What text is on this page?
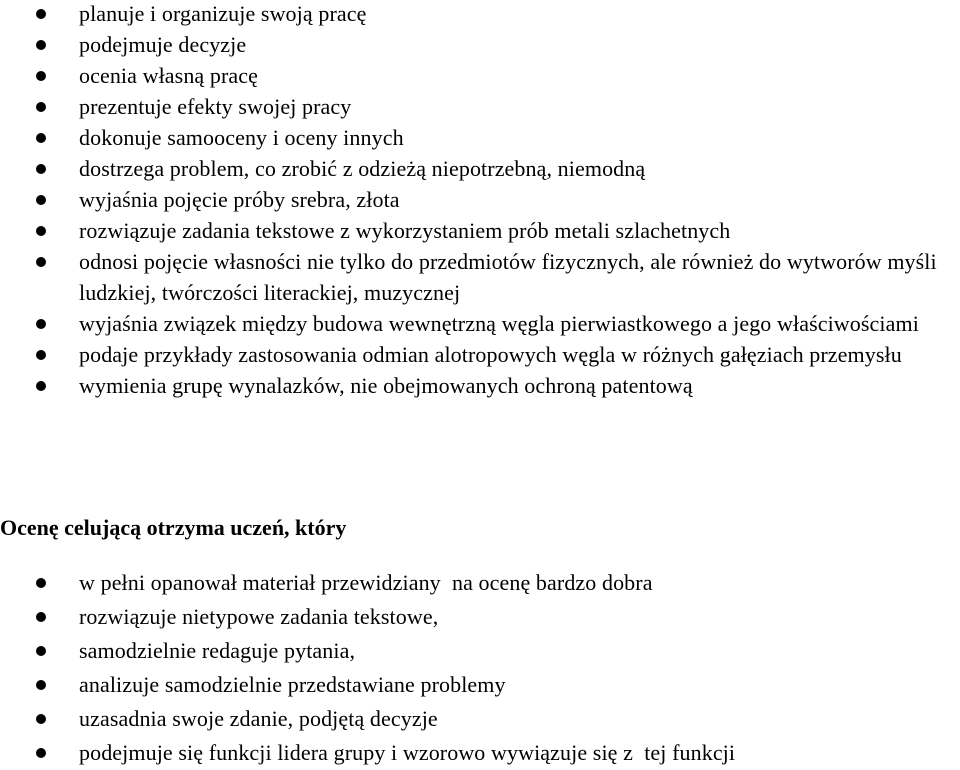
planuje i organizuje swoją pracę
podejmuje decyzje
ocenia własną pracę
prezentuje efekty swojej pracy
dokonuje samooceny i oceny innych
dostrzega problem, co zrobić z odzieżą niepotrzebną, niemodną
wyjaśnia pojęcie próby srebra, złota
rozwiązuje zadania tekstowe z wykorzystaniem prób metali szlachetnych
odnosi pojęcie własności nie tylko do przedmiotów fizycznych, ale również do wytworów myśli ludzkiej, twórczości literackiej, muzycznej
wyjaśnia związek między budowa wewnętrzną węgla pierwiastkowego a jego właściwościami
podaje przykłady zastosowania odmian alotropowych węgla w różnych gałęziach przemysłu
wymienia grupę wynalazków, nie obejmowanych ochroną patentową
Ocenę celującą otrzyma uczeń, który
w pełni opanował materiał przewidziany  na ocenę bardzo dobra
rozwiązuje nietypowe zadania tekstowe,
samodzielnie redaguje pytania,
analizuje samodzielnie przedstawiane problemy
uzasadnia swoje zdanie, podjętą decyzje
podejmuje się funkcji lidera grupy i wzorowo wywiązuje się z  tej funkcji
